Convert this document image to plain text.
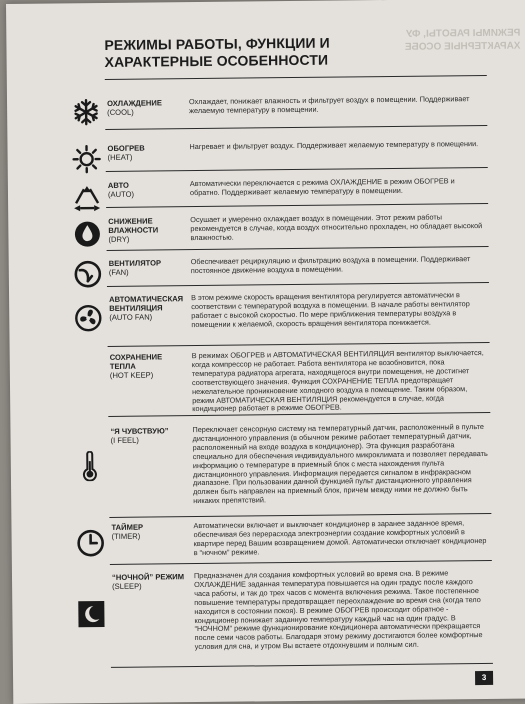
РЕЖИМЫ РАБОТЫ, ФУ
ХАРАКТЕРНЫЕ ОСОБЕ
РЕЖИМЫ РАБОТЫ, ФУНКЦИИ И
ХАРАКТЕРНЫЕ ОСОБЕННОСТИ
ОХЛАЖДЕНИЕ
(COOL)
Охлаждает, понижает влажность и фильтрует воздух в помещении. Поддерживает желаемую температуру в помещении.
ОБОГРЕВ
(HEAT)
Нагревает и фильтрует воздух. Поддерживает желаемую температуру в помещении.
АВТО
(AUTO)
Автоматически переключается с режима ОХЛАЖДЕНИЕ в режим ОБОГРЕВ и обратно. Поддерживает желаемую температуру в помещении.
СНИЖЕНИЕ ВЛАЖНОСТИ
(DRY)
Осушает и умеренно охлаждает воздух в помещении. Этот режим работы рекомендуется в случае, когда воздух относительно прохладен, но обладает высокой влажностью.
ВЕНТИЛЯТОР
(FAN)
Обеспечивает рециркуляцию и фильтрацию воздуха в помещении. Поддерживает постоянное движение воздуха в помещении.
АВТОМАТИЧЕСКАЯ ВЕНТИЛЯЦИЯ
(AUTO FAN)
В этом режиме скорость вращения вентилятора регулируется автоматически в соответствии с температурой воздуха в помещении. В начале работы вентилятор работает с высокой скоростью. По мере приближения температуры воздуха в помещении к желаемой, скорость вращения вентилятора понижается.
СОХРАНЕНИЕ ТЕПЛА
(HOT KEEP)
В режимах ОБОГРЕВ и АВТОМАТИЧЕСКАЯ ВЕНТИЛЯЦИЯ вентилятор выключается, когда компрессор не работает. Работа вентилятора не возобновится, пока температура радиатора агрегата, находящегося внутри помещения, не достигнет соответствующего значения. Функция СОХРАНЕНИЕ ТЕПЛА предотвращает нежелательное проникновение холодного воздуха в помещение. Таким образом, режим АВТОМАТИЧЕСКАЯ ВЕНТИЛЯЦИЯ рекомендуется в случае, когда кондиционер работает в режиме ОБОГРЕВ.
“Я ЧУВСТВУЮ”
(I FEEL)
Переключает сенсорную систему на температурный датчик, расположенный в пульте дистанционного управления (в обычном режиме работает температурный датчик, расположенный на входе воздуха в кондиционер). Эта функция разработана специально для обеспечения индивидуального микроклимата и позволяет передавать информацию о температуре в приемный блок с места нахождения пульта дистанционного управления. Информация передается сигналом в инфракрасном диапазоне. При пользовании данной функцией пульт дистанционного управления должен быть направлен на приемный блок, причем между ними не должно быть никаких препятствий.
ТАЙМЕР
(TIMER)
Автоматически включает и выключает кондиционер в заранее заданное время, обеспечивая без перерасхода электроэнергии создание комфортных условий в квартире перед Вашим возвращением домой. Автоматически отключает кондиционер в “ночном” режиме.
“НОЧНОЙ” РЕЖИМ
(SLEEP)
Предназначен для создания комфортных условий во время сна. В режиме ОХЛАЖДЕНИЕ заданная температура повышается на один градус после каждого часа работы, и так до трех часов с момента включения режима. Такое постепенное повышение температуры предотвращает переохлаждение во время сна (когда тело находится в состоянии покоя). В режиме ОБОГРЕВ происходит обратное - кондиционер понижает заданную температуру каждый час на один градус. В “НОЧНОМ” режиме функционирование кондиционера автоматически прекращается после семи часов работы. Благодаря этому режиму достигаются более комфортные условия для сна, и утром Вы встаете отдохнувшим и полным сил.
3
